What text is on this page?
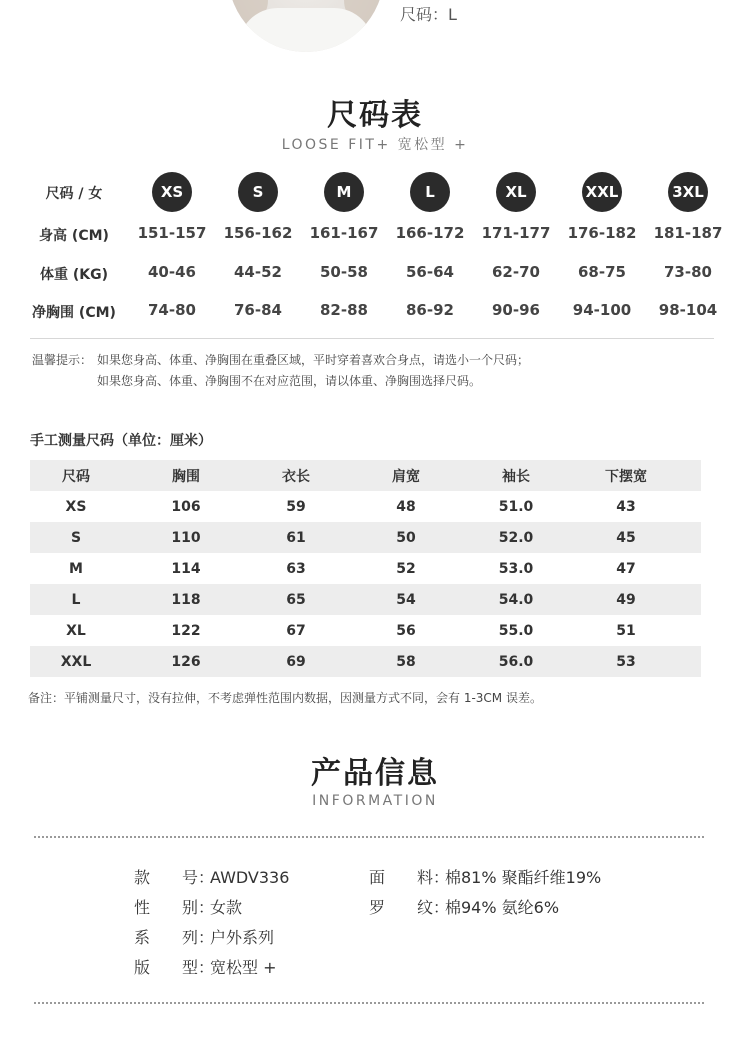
尺码：L
尺码表
LOOSE FIT+ 宽松型 +
尺码 / 女	XS	S	M	L	XL	XXL	3XL
身高 (CM)	151-157	156-162	161-167	166-172	171-177	176-182	181-187
体重 (KG)	40-46	44-52	50-58	56-64	62-70	68-75	73-80
净胸围 (CM)	74-80	76-84	82-88	86-92	90-96	94-100	98-104
温馨提示： 如果您身高、体重、净胸围在重叠区域，平时穿着喜欢合身点，请选小一个尺码；
如果您身高、体重、净胸围不在对应范围，请以体重、净胸围选择尺码。
手工测量尺码（单位：厘米）
尺码	胸围	衣长	肩宽	袖长	下摆宽
XS	106	59	48	51.0	43
S	110	61	50	52.0	45
M	114	63	52	53.0	47
L	118	65	54	54.0	49
XL	122	67	56	55.0	51
XXL	126	69	58	56.0	53
备注：平铺测量尺寸，没有拉伸，不考虑弹性范围内数据，因测量方式不同，会有 1-3CM 误差。
产品信息
INFORMATION
款号：AWDV336
性别：女款
系列：户外系列
版型：宽松型 +
面料：棉81% 聚酯纤维19%
罗纹：棉94% 氨纶6%
